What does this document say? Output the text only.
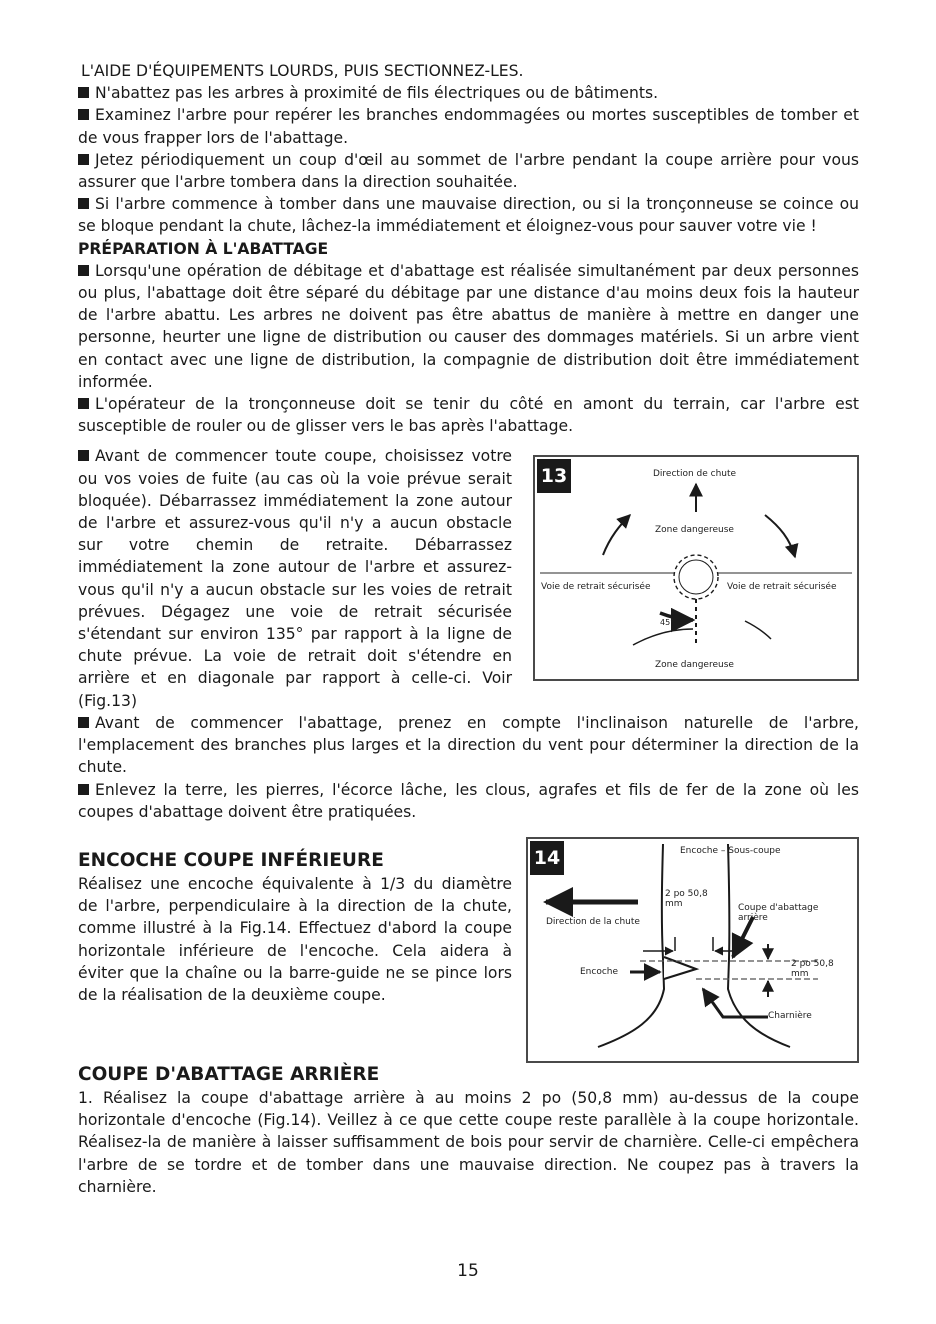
L'AIDE D'ÉQUIPEMENTS LOURDS, PUIS SECTIONNEZ-LES.

N'abattez pas les arbres à proximité de fils électriques ou de bâtiments.

Examinez l'arbre pour repérer les branches endommagées ou mortes susceptibles de tomber et de vous frapper lors de l'abattage.

Jetez périodiquement un coup d'œil au sommet de l'arbre pendant la coupe arrière pour vous assurer que l'arbre tombera dans la direction souhaitée.

Si l'arbre commence à tomber dans une mauvaise direction, ou si la tronçonneuse se coince ou se bloque pendant la chute, lâchez-la immédiatement et éloignez-vous pour sauver votre vie !

PRÉPARATION À L'ABATTAGE

Lorsqu'une opération de débitage et d'abattage est réalisée simultanément par deux personnes ou plus, l'abattage doit être séparé du débitage par une distance d'au moins deux fois la hauteur de l'arbre abattu. Les arbres ne doivent pas être abattus de manière à mettre en danger une personne, heurter une ligne de distribution ou causer des dommages matériels. Si un arbre vient en contact avec une ligne de distribution, la compagnie de distribution doit être immédiatement informée.

L'opérateur de la tronçonneuse doit se tenir du côté en amont du terrain, car l'arbre est susceptible de rouler ou de glisser vers le bas après l'abattage.

Avant de commencer toute coupe, choisissez votre ou vos voies de fuite (au cas où la voie prévue serait bloquée). Débarrassez immédiatement la zone autour de l'arbre et assurez-vous qu'il n'y a aucun obstacle sur votre chemin de retraite. Débarrassez immédiatement la zone autour de l'arbre et assurez-vous qu'il n'y a aucun obstacle sur les voies de retrait prévues. Dégagez une voie de retrait sécurisée s'étendant sur environ 135° par rapport à la ligne de chute prévue. La voie de retrait doit s'étendre en arrière et en diagonale par rapport à celle-ci. Voir (Fig.13)

13	Direction de chute
Zone dangereuse
Voie de retrait sécurisée	Voie de retrait sécurisée
45°
Zone dangereuse

Avant de commencer l'abattage, prenez en compte l'inclinaison naturelle de l'arbre, l'emplacement des branches plus larges et la direction du vent pour déterminer la direction de la chute.

Enlevez la terre, les pierres, l'écorce lâche, les clous, agrafes et fils de fer de la zone où les coupes d'abattage doivent être pratiquées.

ENCOCHE COUPE INFÉRIEURE

Réalisez une encoche équivalente à 1/3 du diamètre de l'arbre, perpendiculaire à la direction de la chute, comme illustré à la Fig.14. Effectuez d'abord la coupe horizontale inférieure de l'encoche. Cela aidera à éviter que la chaîne ou la barre-guide ne se pince lors de la réalisation de la deuxième coupe.

14	Encoche – Sous-coupe
2 po 50,8
mm	Coupe d'abattage
arrière
Direction de la chute
2 po 50,8
mm
Encoche
Charnière
COUPE D'ABATTAGE ARRIÈRE

1. Réalisez la coupe d'abattage arrière à au moins 2 po (50,8 mm) au-dessus de la coupe horizontale d'encoche (Fig.14). Veillez à ce que cette coupe reste parallèle à la coupe horizontale. Réalisez-la de manière à laisser suffisamment de bois pour servir de charnière. Celle-ci empêchera l'arbre de se tordre et de tomber dans une mauvaise direction. Ne coupez pas à travers la charnière.

15
